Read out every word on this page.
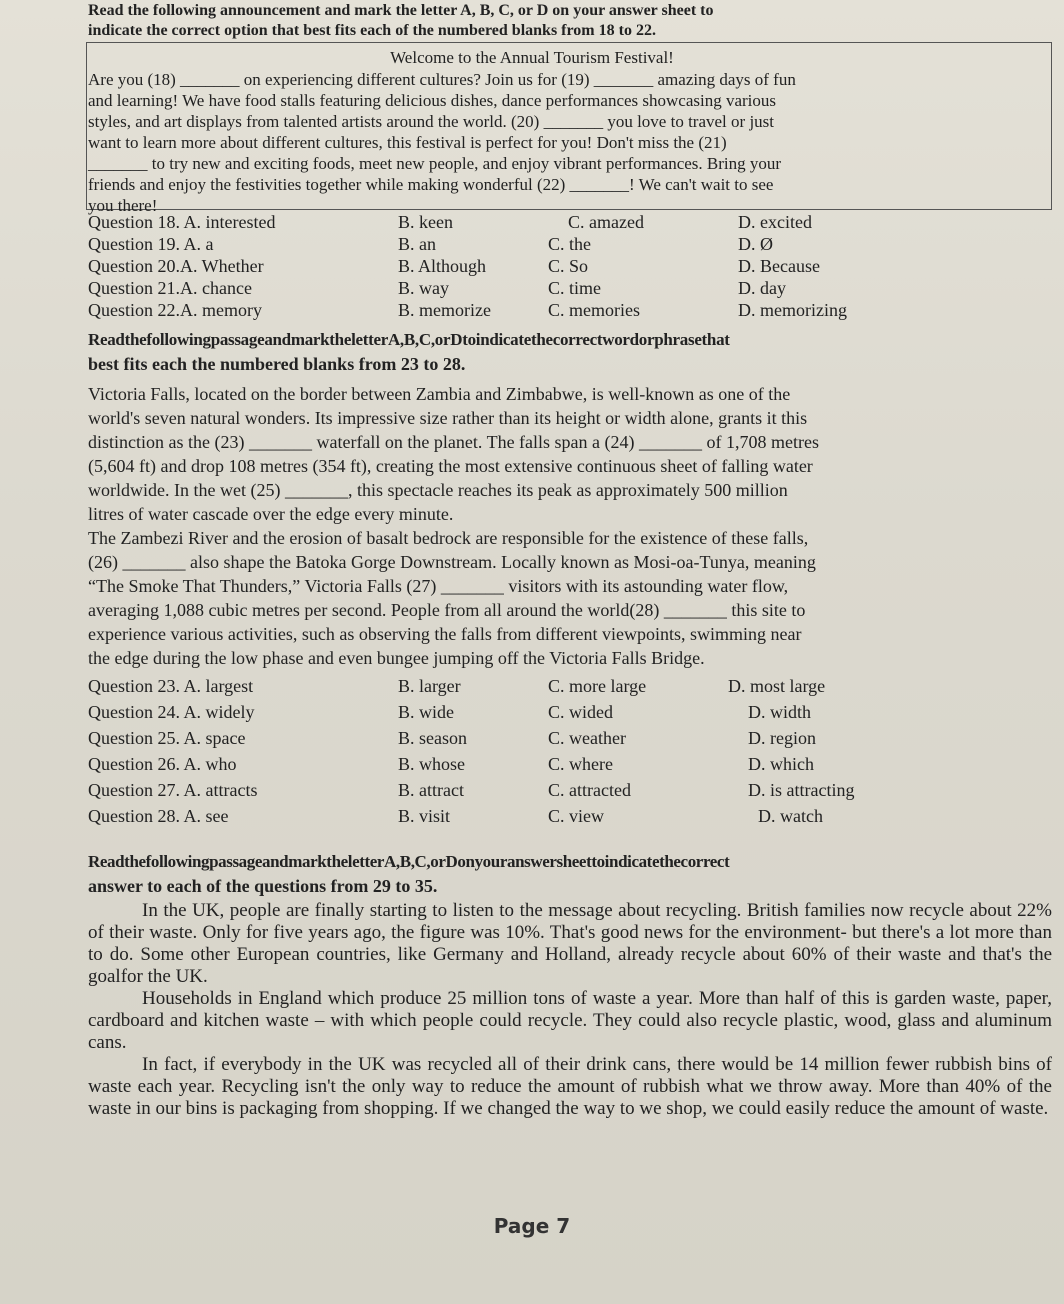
Read the following announcement and mark the letter A, B, C, or D on your answer sheet to
indicate the correct option that best fits each of the numbered blanks from 18 to 22.
Welcome to the Annual Tourism Festival!
Are you (18) _______ on experiencing different cultures? Join us for (19) _______ amazing days of fun
and learning! We have food stalls featuring delicious dishes, dance performances showcasing various
styles, and art displays from talented artists around the world. (20) _______ you love to travel or just
want to learn more about different cultures, this festival is perfect for you! Don't miss the (21)
_______ to try new and exciting foods, meet new people, and enjoy vibrant performances. Bring your
friends and enjoy the festivities together while making wonderful (22) _______! We can't wait to see
you there!
Question 18. A. interested	B. keen	C. amazed	D. excited
Question 19. A. a	B. an	C. the	D. Ø
Question 20.A. Whether	B. Although	C. So	D. Because
Question 21.A. chance	B. way	C. time	D. day
Question 22.A. memory	B. memorize	C. memories	D. memorizing
ReadthefollowingpassageandmarktheletterA,B,C,orDtoindicatethecorrectwordorphrasethat
best fits each the numbered blanks from 23 to 28.
Victoria Falls, located on the border between Zambia and Zimbabwe, is well-known as one of the
world's seven natural wonders. Its impressive size rather than its height or width alone, grants it this
distinction as the (23) _______ waterfall on the planet. The falls span a (24) _______ of 1,708 metres
(5,604 ft) and drop 108 metres (354 ft), creating the most extensive continuous sheet of falling water
worldwide. In the wet (25) _______, this spectacle reaches its peak as approximately 500 million
litres of water cascade over the edge every minute.
The Zambezi River and the erosion of basalt bedrock are responsible for the existence of these falls,
(26) _______ also shape the Batoka Gorge Downstream. Locally known as Mosi-oa-Tunya, meaning
“The Smoke That Thunders,” Victoria Falls (27) _______ visitors with its astounding water flow,
averaging 1,088 cubic metres per second. People from all around the world(28) _______ this site to
experience various activities, such as observing the falls from different viewpoints, swimming near
the edge during the low phase and even bungee jumping off the Victoria Falls Bridge.
Question 23. A. largest	B. larger	C. more large	D. most large
Question 24. A. widely	B. wide	C. wided	D. width
Question 25. A. space	B. season	C. weather	D. region
Question 26. A. who	B. whose	C. where	D. which
Question 27. A. attracts	B. attract	C. attracted	D. is attracting
Question 28. A. see	B. visit	C. view	D. watch
ReadthefollowingpassageandmarktheletterA,B,C,orDonyouranswersheettoindicatethecorrect
answer to each of the questions from 29 to 35.

In the UK, people are finally starting to listen to the message about recycling. British families now recycle about 22% of their waste. Only for five years ago, the figure was 10%. That's good news for the environment- but there's a lot more than to do. Some other European countries, like Germany and Holland, already recycle about 60% of their waste and that's the goalfor the UK.

Households in England which produce 25 million tons of waste a year. More than half of this is garden waste, paper, cardboard and kitchen waste – with which people could recycle. They could also recycle plastic, wood, glass and aluminum cans.

In fact, if everybody in the UK was recycled all of their drink cans, there would be 14 million fewer rubbish bins of waste each year. Recycling isn't the only way to reduce the amount of rubbish what we throw away. More than 40% of the waste in our bins is packaging from shopping. If we changed the way to we shop, we could easily reduce the amount of waste.

Page 7
